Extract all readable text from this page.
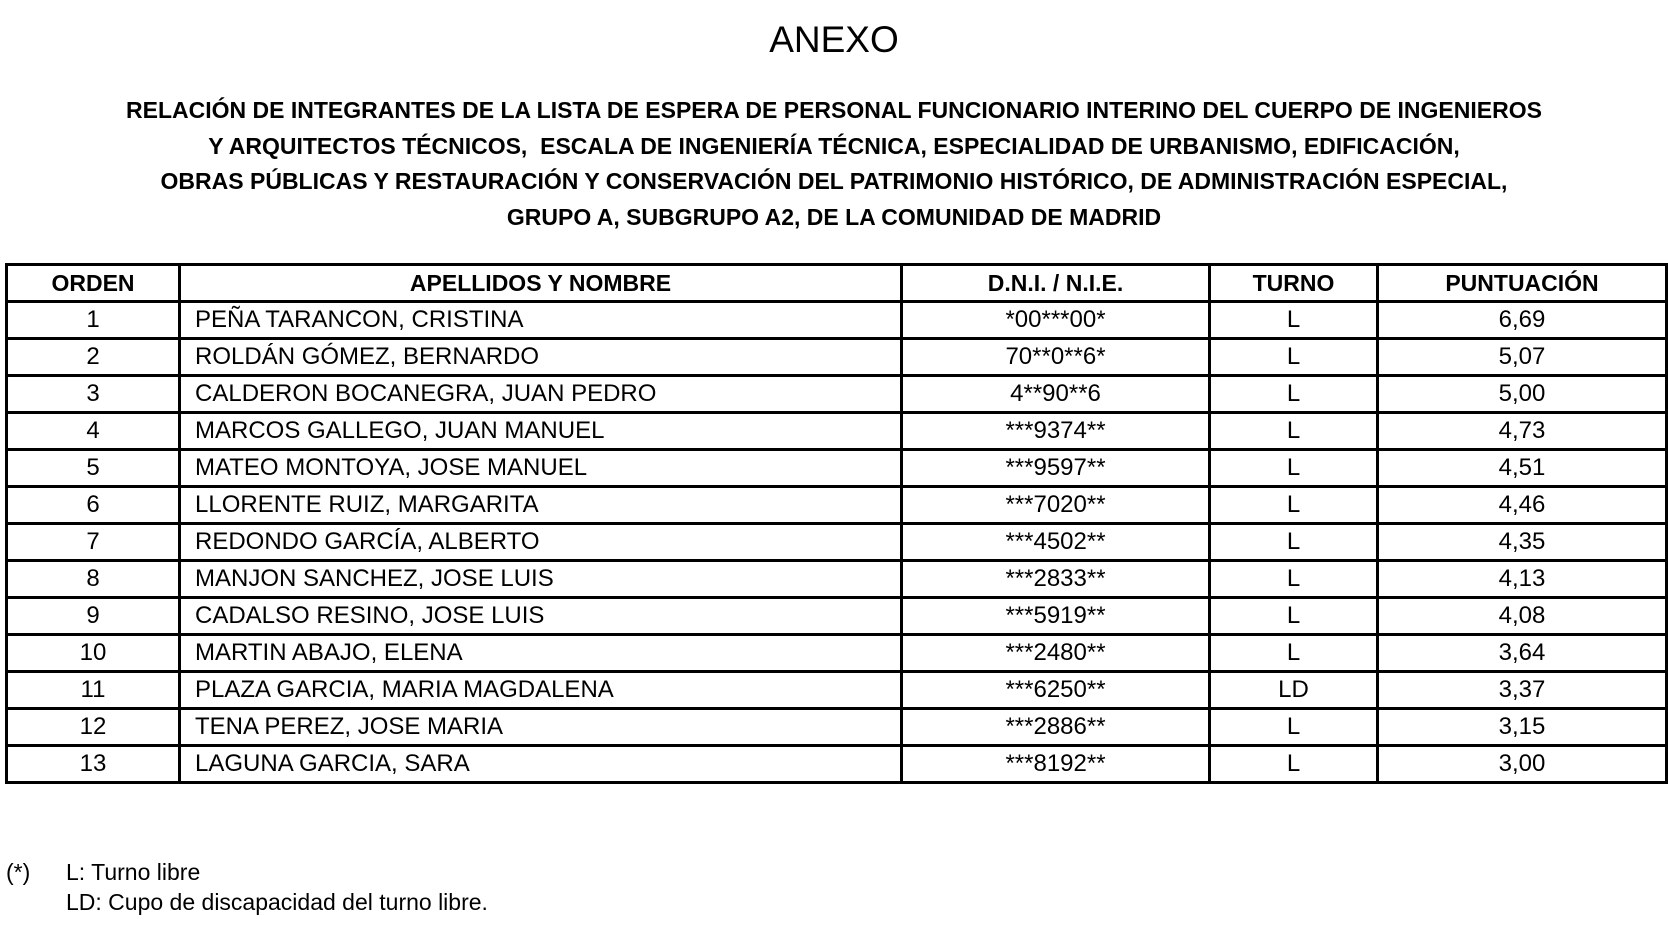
ANEXO
RELACIÓN DE INTEGRANTES DE LA LISTA DE ESPERA DE PERSONAL FUNCIONARIO INTERINO DEL CUERPO DE INGENIEROS
Y ARQUITECTOS TÉCNICOS,  ESCALA DE INGENIERÍA TÉCNICA, ESPECIALIDAD DE URBANISMO, EDIFICACIÓN,
OBRAS PÚBLICAS Y RESTAURACIÓN Y CONSERVACIÓN DEL PATRIMONIO HISTÓRICO, DE ADMINISTRACIÓN ESPECIAL,
GRUPO A, SUBGRUPO A2, DE LA COMUNIDAD DE MADRID
ORDEN	APELLIDOS Y NOMBRE	D.N.I. / N.I.E.	TURNO	PUNTUACIÓN
1	PEÑA TARANCON, CRISTINA	*00***00*	L	6,69
2	ROLDÁN GÓMEZ, BERNARDO	70**0**6*	L	5,07
3	CALDERON BOCANEGRA, JUAN PEDRO	4**90**6	L	5,00
4	MARCOS GALLEGO, JUAN MANUEL	***9374**	L	4,73
5	MATEO MONTOYA, JOSE MANUEL	***9597**	L	4,51
6	LLORENTE RUIZ, MARGARITA	***7020**	L	4,46
7	REDONDO GARCÍA, ALBERTO	***4502**	L	4,35
8	MANJON SANCHEZ, JOSE LUIS	***2833**	L	4,13
9	CADALSO RESINO, JOSE LUIS	***5919**	L	4,08
10	MARTIN ABAJO, ELENA	***2480**	L	3,64
11	PLAZA GARCIA, MARIA MAGDALENA	***6250**	LD	3,37
12	TENA PEREZ, JOSE MARIA	***2886**	L	3,15
13	LAGUNA GARCIA, SARA	***8192**	L	3,00
(*)	L: Turno libre
LD: Cupo de discapacidad del turno libre.
